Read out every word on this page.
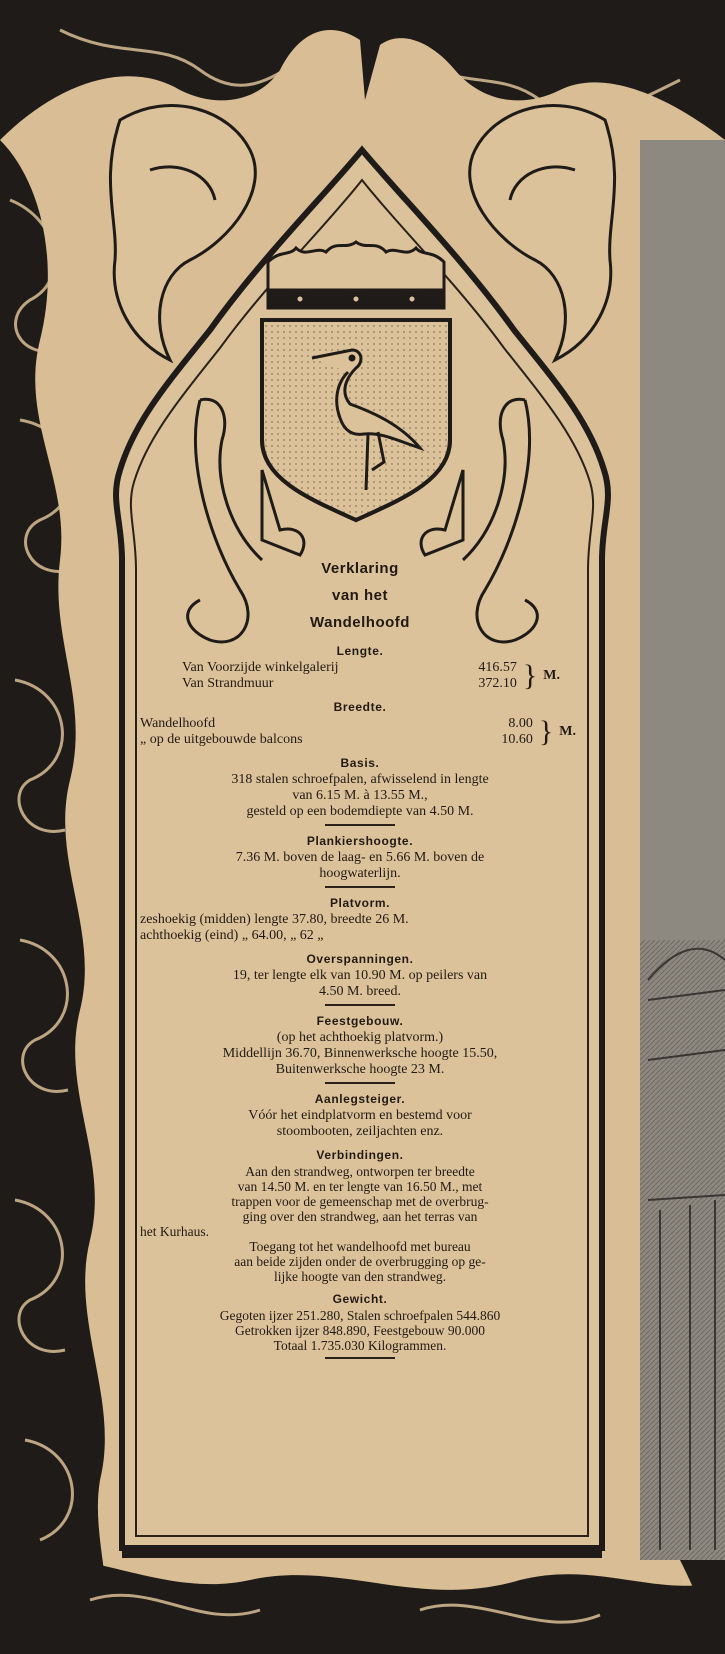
Verklaring
van het
Wandelhoofd
Lengte.
Van Voorzijde winkelgalerij	416.57
Van Strandmuur	372.10 } M.
Breedte.
Wandelhoofd	8.00
„ op de uitgebouwde balcons	10.60 } M.
Basis.
318 stalen schroefpalen, afwisselend in lengte
van 6.15 M. à 13.55 M.,
gesteld op een bodemdiepte van 4.50 M.
Plankiershoogte.
7.36 M. boven de laag- en 5.66 M. boven de
hoogwaterlijn.
Platvorm.
zeshoekig (midden) lengte 37.80, breedte 26 M.
achthoekig (eind) „ 64.00, „ 62 „
Overspanningen.
19, ter lengte elk van 10.90 M. op peilers van
4.50 M. breed.
Feestgebouw.
(op het achthoekig platvorm.)
Middellijn 36.70, Binnenwerksche hoogte 15.50,
Buitenwerksche hoogte 23 M.
Aanlegsteiger.
Vóór het eindplatvorm en bestemd voor
stoombooten, zeiljachten enz.
Verbindingen.
Aan den strandweg, ontworpen ter breedte
van 14.50 M. en ter lengte van 16.50 M., met
trappen voor de gemeenschap met de overbrug-
ging over den strandweg, aan het terras van
het Kurhaus.
Toegang tot het wandelhoofd met bureau
aan beide zijden onder de overbrugging op ge-
lijke hoogte van den strandweg.
Gewicht.
Gegoten ijzer 251.280, Stalen schroefpalen 544.860
Getrokken ijzer 848.890, Feestgebouw 90.000
Totaal 1.735.030 Kilogrammen.
